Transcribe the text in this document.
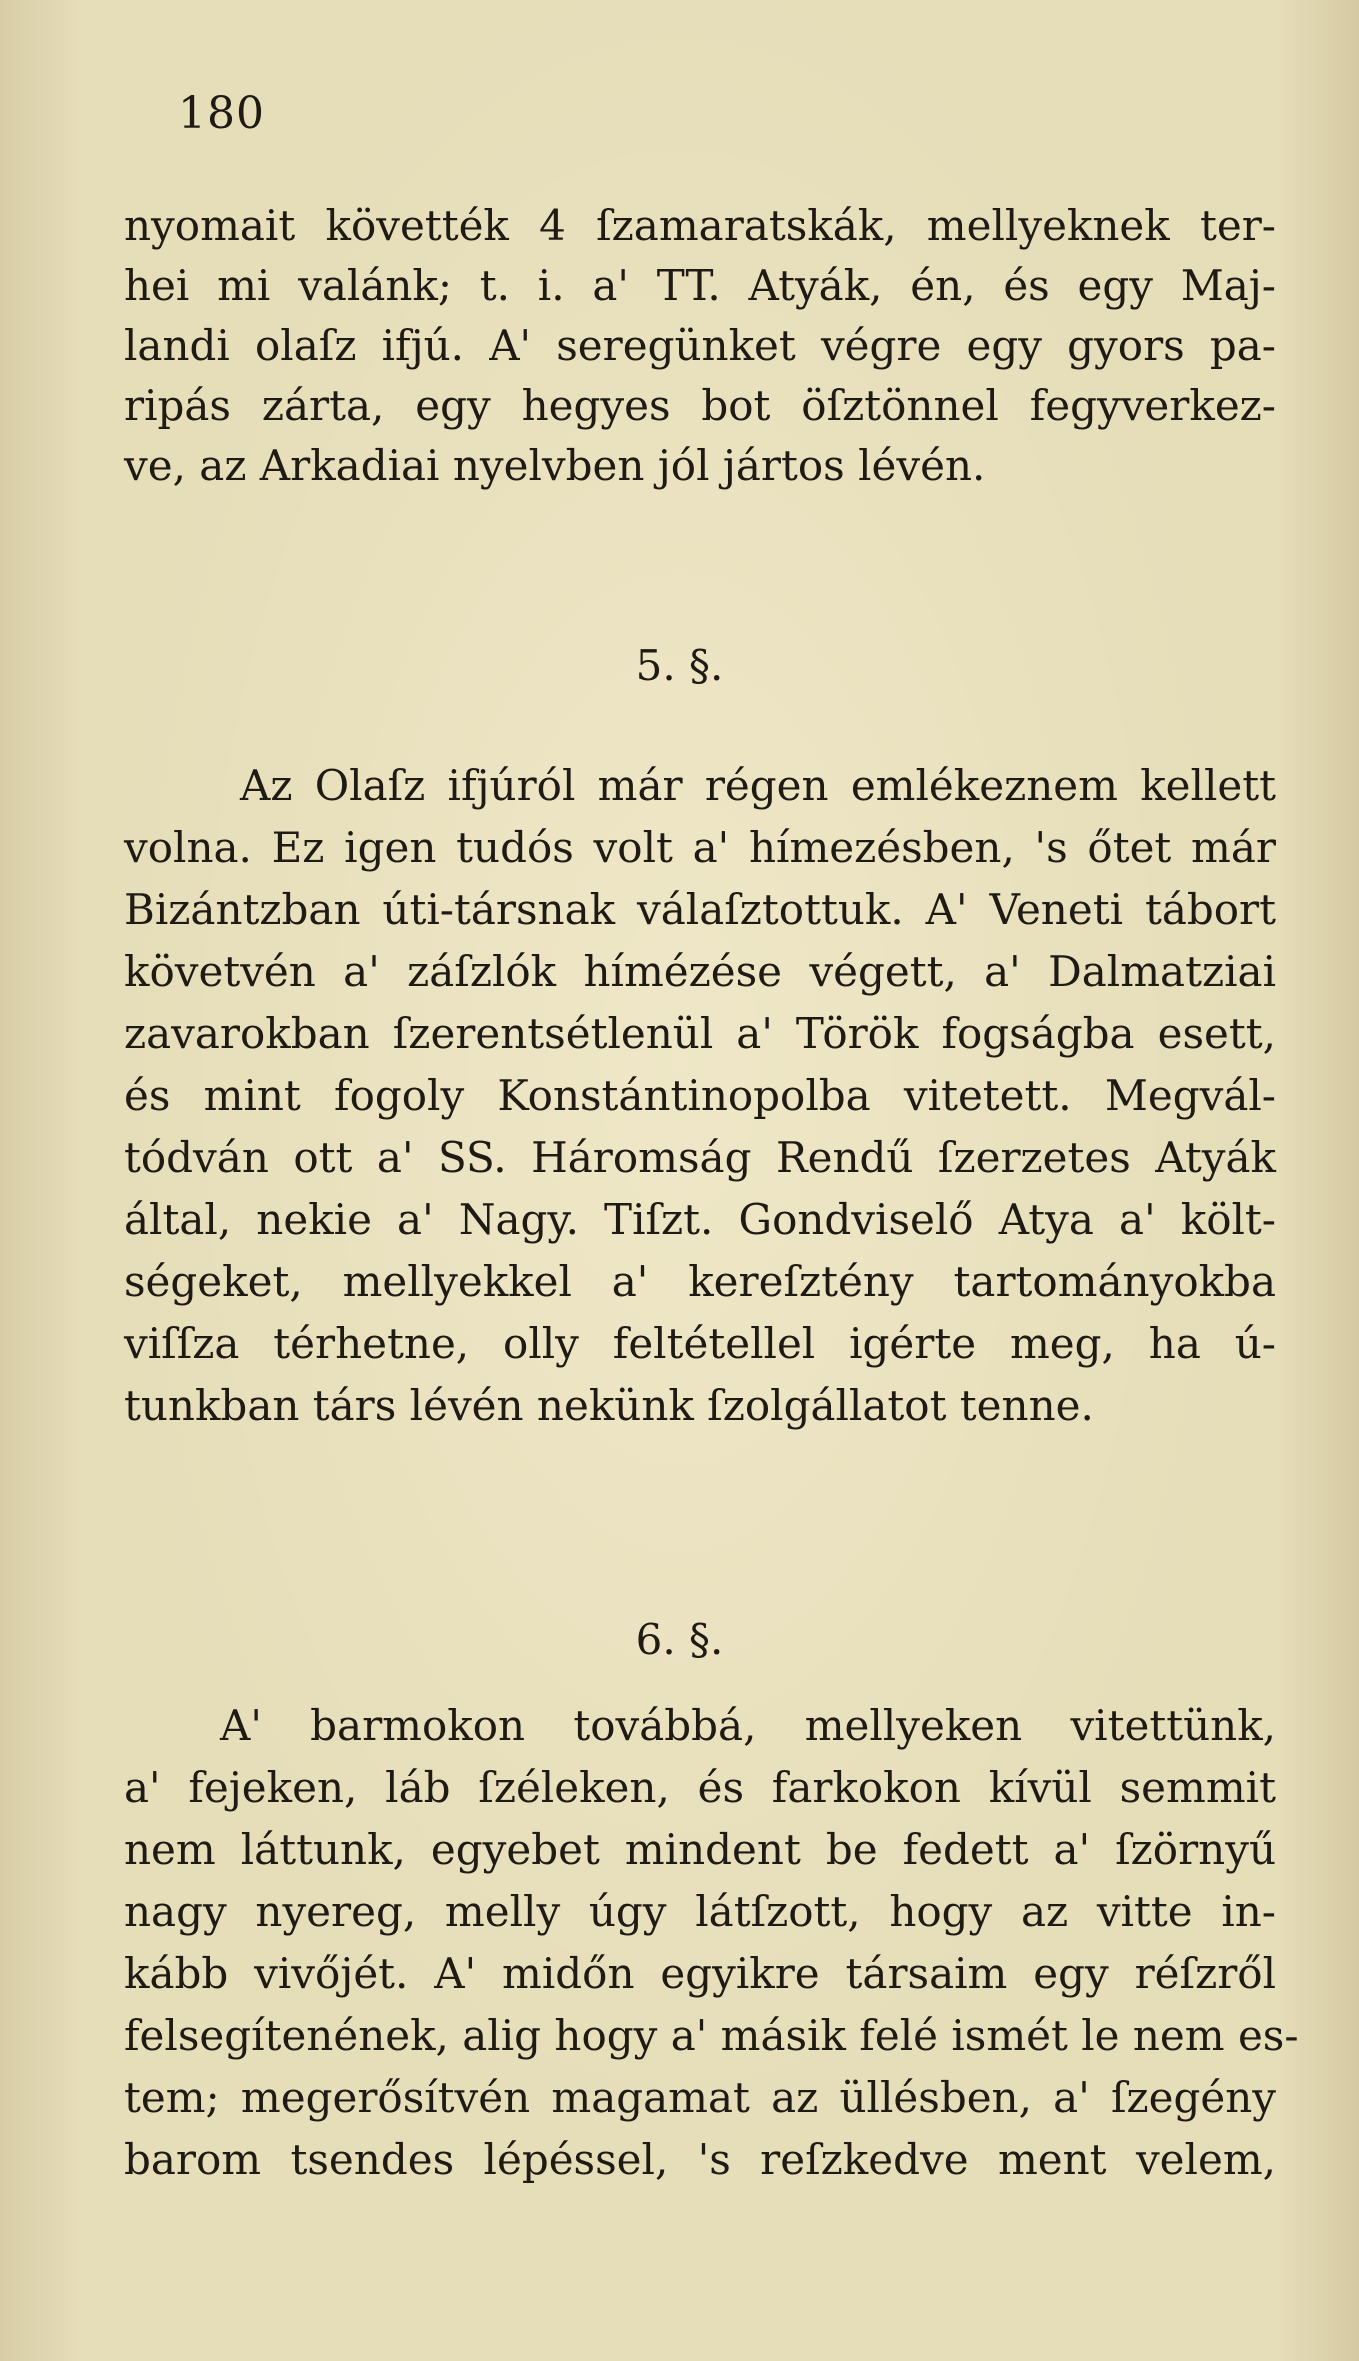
180
nyomait követték 4 ſzamaratskák, mellyeknek ter-
hei mi valánk; t. i. a' TT. Atyák, én, és egy Maj-
landi olaſz ifjú. A' seregünket végre egy gyors pa-
ripás zárta, egy hegyes bot öſztönnel fegyverkez-
ve, az Arkadiai nyelvben jól jártos lévén.
5. §.
Az Olaſz ifjúról már régen emlékeznem kellett
volna. Ez igen tudós volt a' hímezésben, 's őtet már
Bizántzban úti-társnak válaſztottuk. A' Veneti tábort
követvén a' záſzlók hímézése végett, a' Dalmatziai
zavarokban ſzerentsétlenül a' Török fogságba esett,
és mint fogoly Konstántinopolba vitetett. Megvál-
tódván ott a' SS. Háromság Rendű ſzerzetes Atyák
által, nekie a' Nagy. Tiſzt. Gondviselő Atya a' költ-
ségeket, mellyekkel a' kereſztény tartományokba
viſſza térhetne, olly feltétellel igérte meg, ha ú-
tunkban társ lévén nekünk ſzolgállatot tenne.
6. §.
A' barmokon továbbá, mellyeken vitettünk,
a' fejeken, láb ſzéleken, és farkokon kívül semmit
nem láttunk, egyebet mindent be fedett a' ſzörnyű
nagy nyereg, melly úgy látſzott, hogy az vitte in-
kább vivőjét. A' midőn egyikre társaim egy réſzről
felsegítenének, alig hogy a' másik felé ismét le nem es-
tem; megerősítvén magamat az üllésben, a' ſzegény
barom tsendes lépéssel, 's reſzkedve ment velem,
